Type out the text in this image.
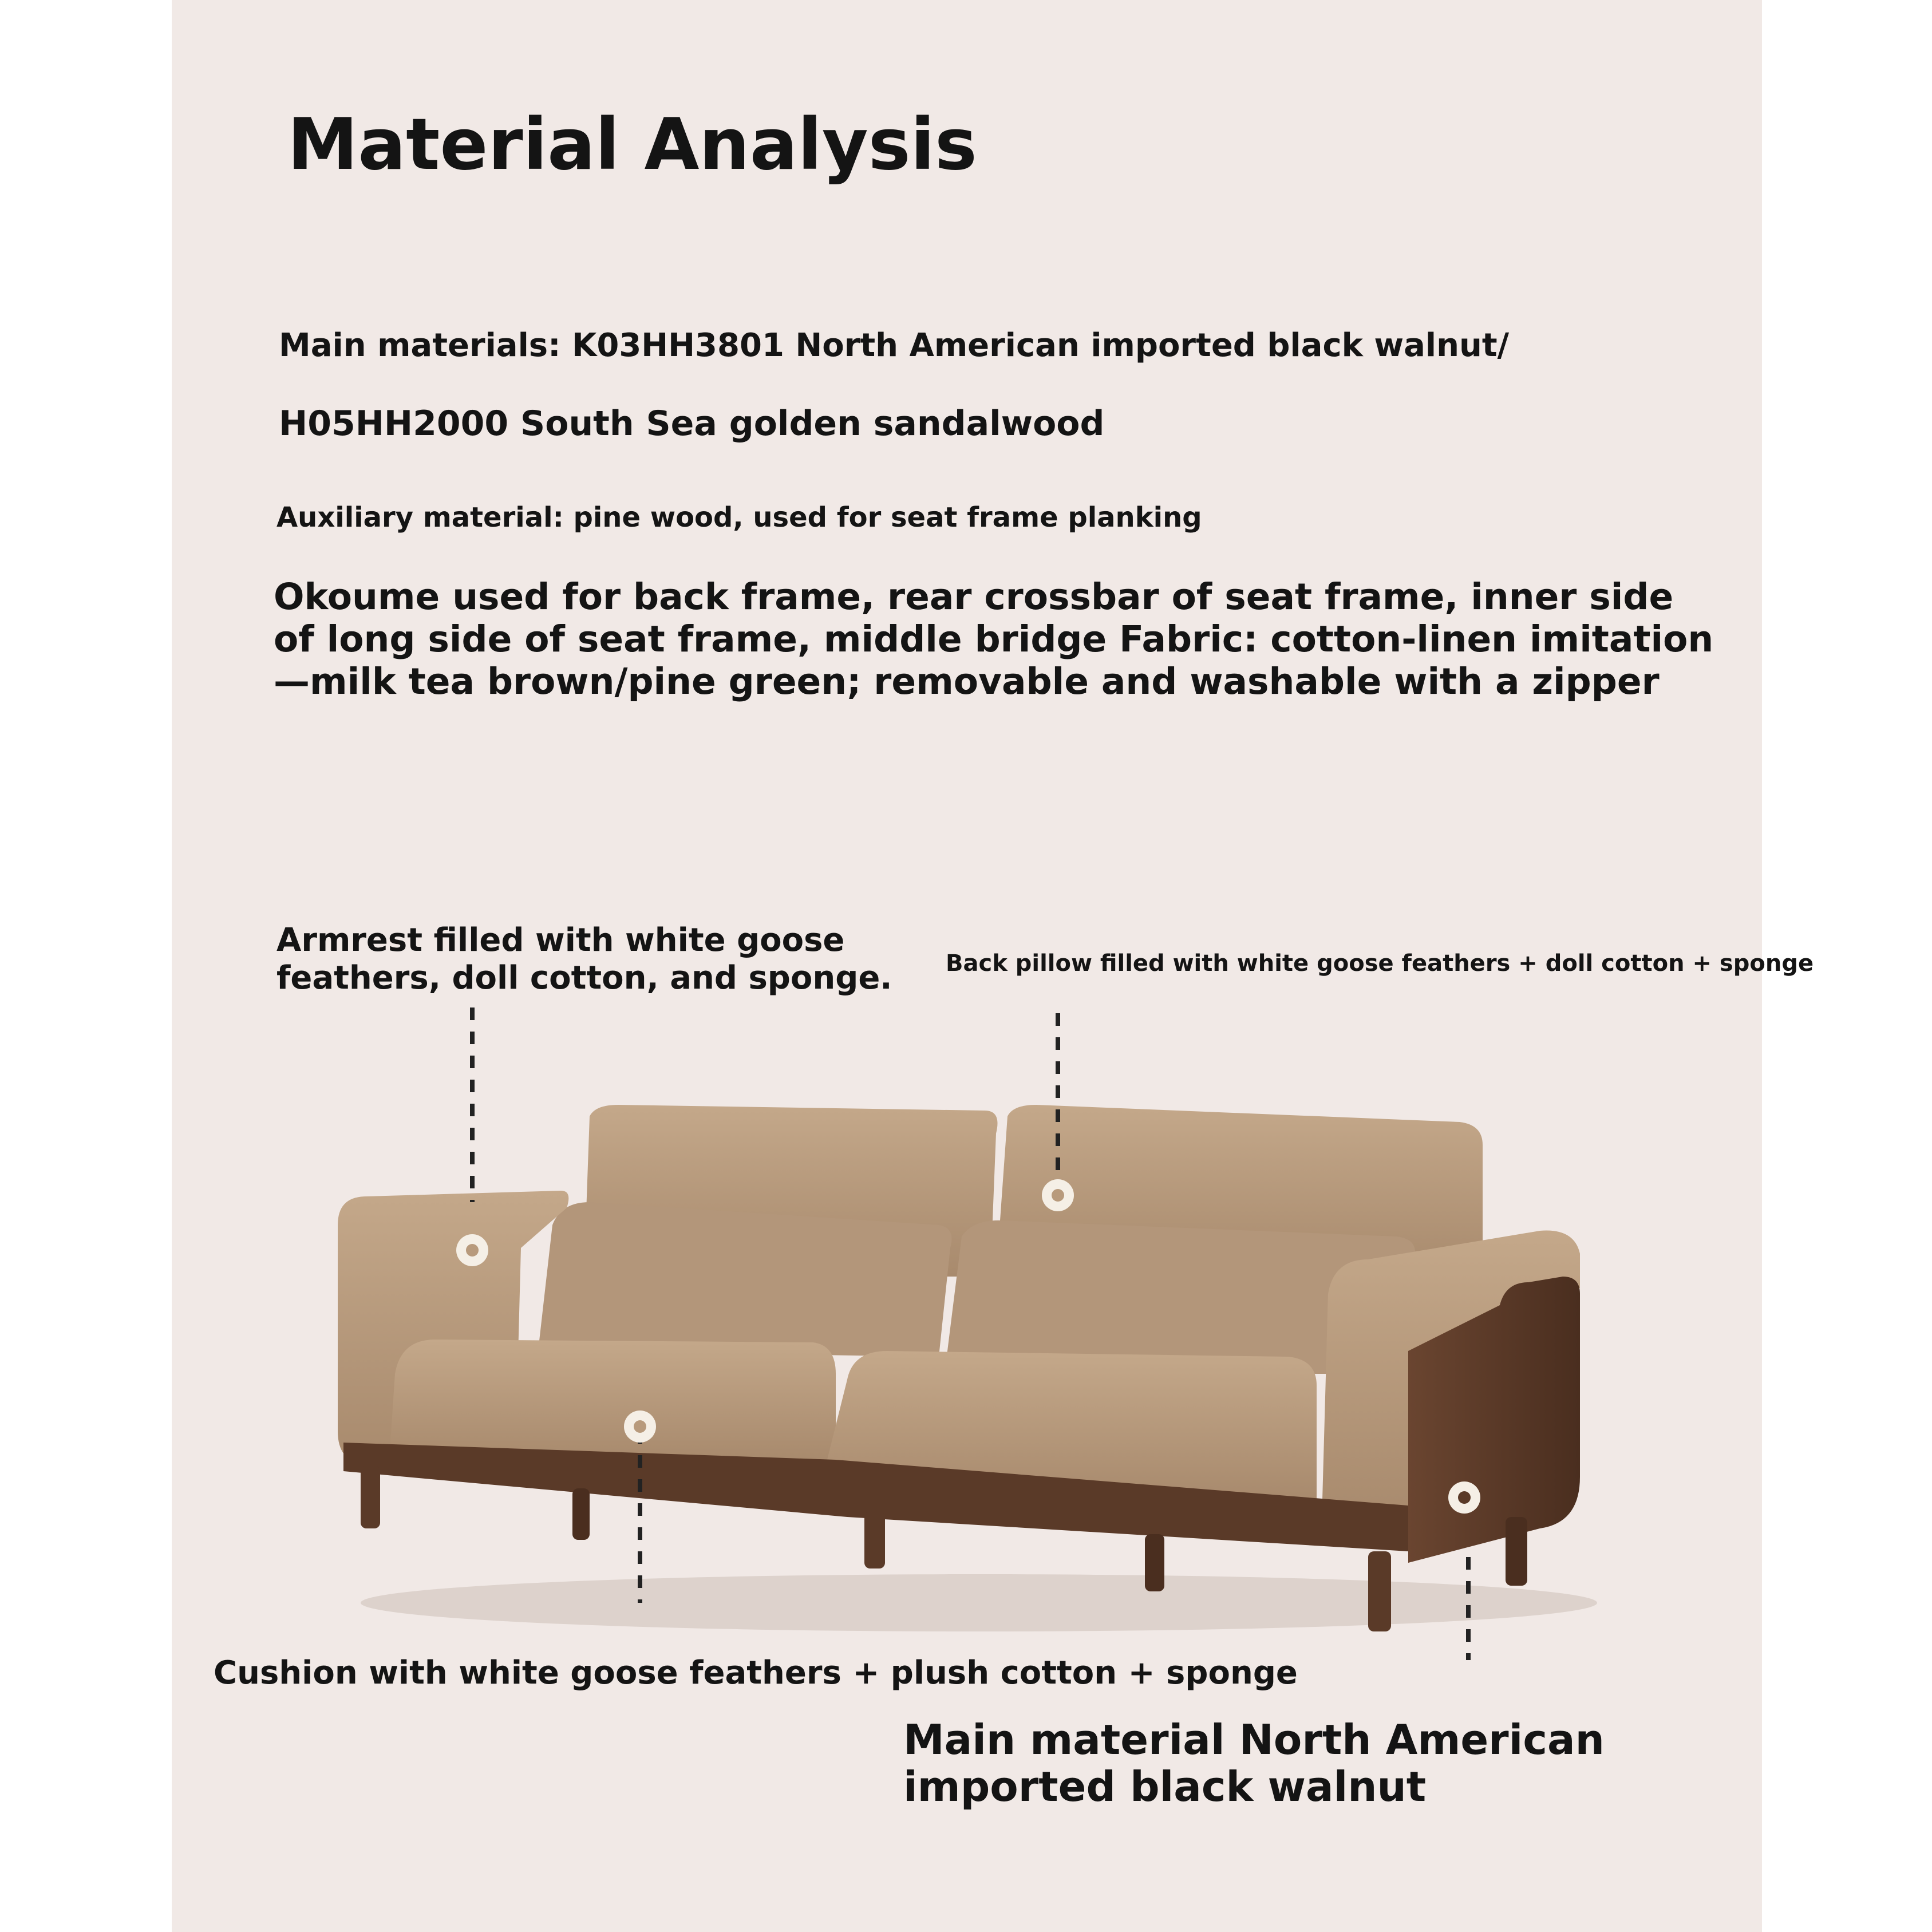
Material Analysis

Main materials: K03HH3801 North American imported black walnut/

H05HH2000 South Sea golden sandalwood

Auxiliary material: pine wood, used for seat frame planking

Okoume used for back frame, rear crossbar of seat frame, inner side of long side of seat frame, middle bridge Fabric: cotton-linen imitation—milk tea brown/pine green; removable and washable with a zipper

Armrest filled with white goose feathers, doll cotton, and sponge.	Back pillow filled with white goose feathers + doll cotton + sponge

Cushion with white goose feathers + plush cotton + sponge

Main material North American imported black walnut
